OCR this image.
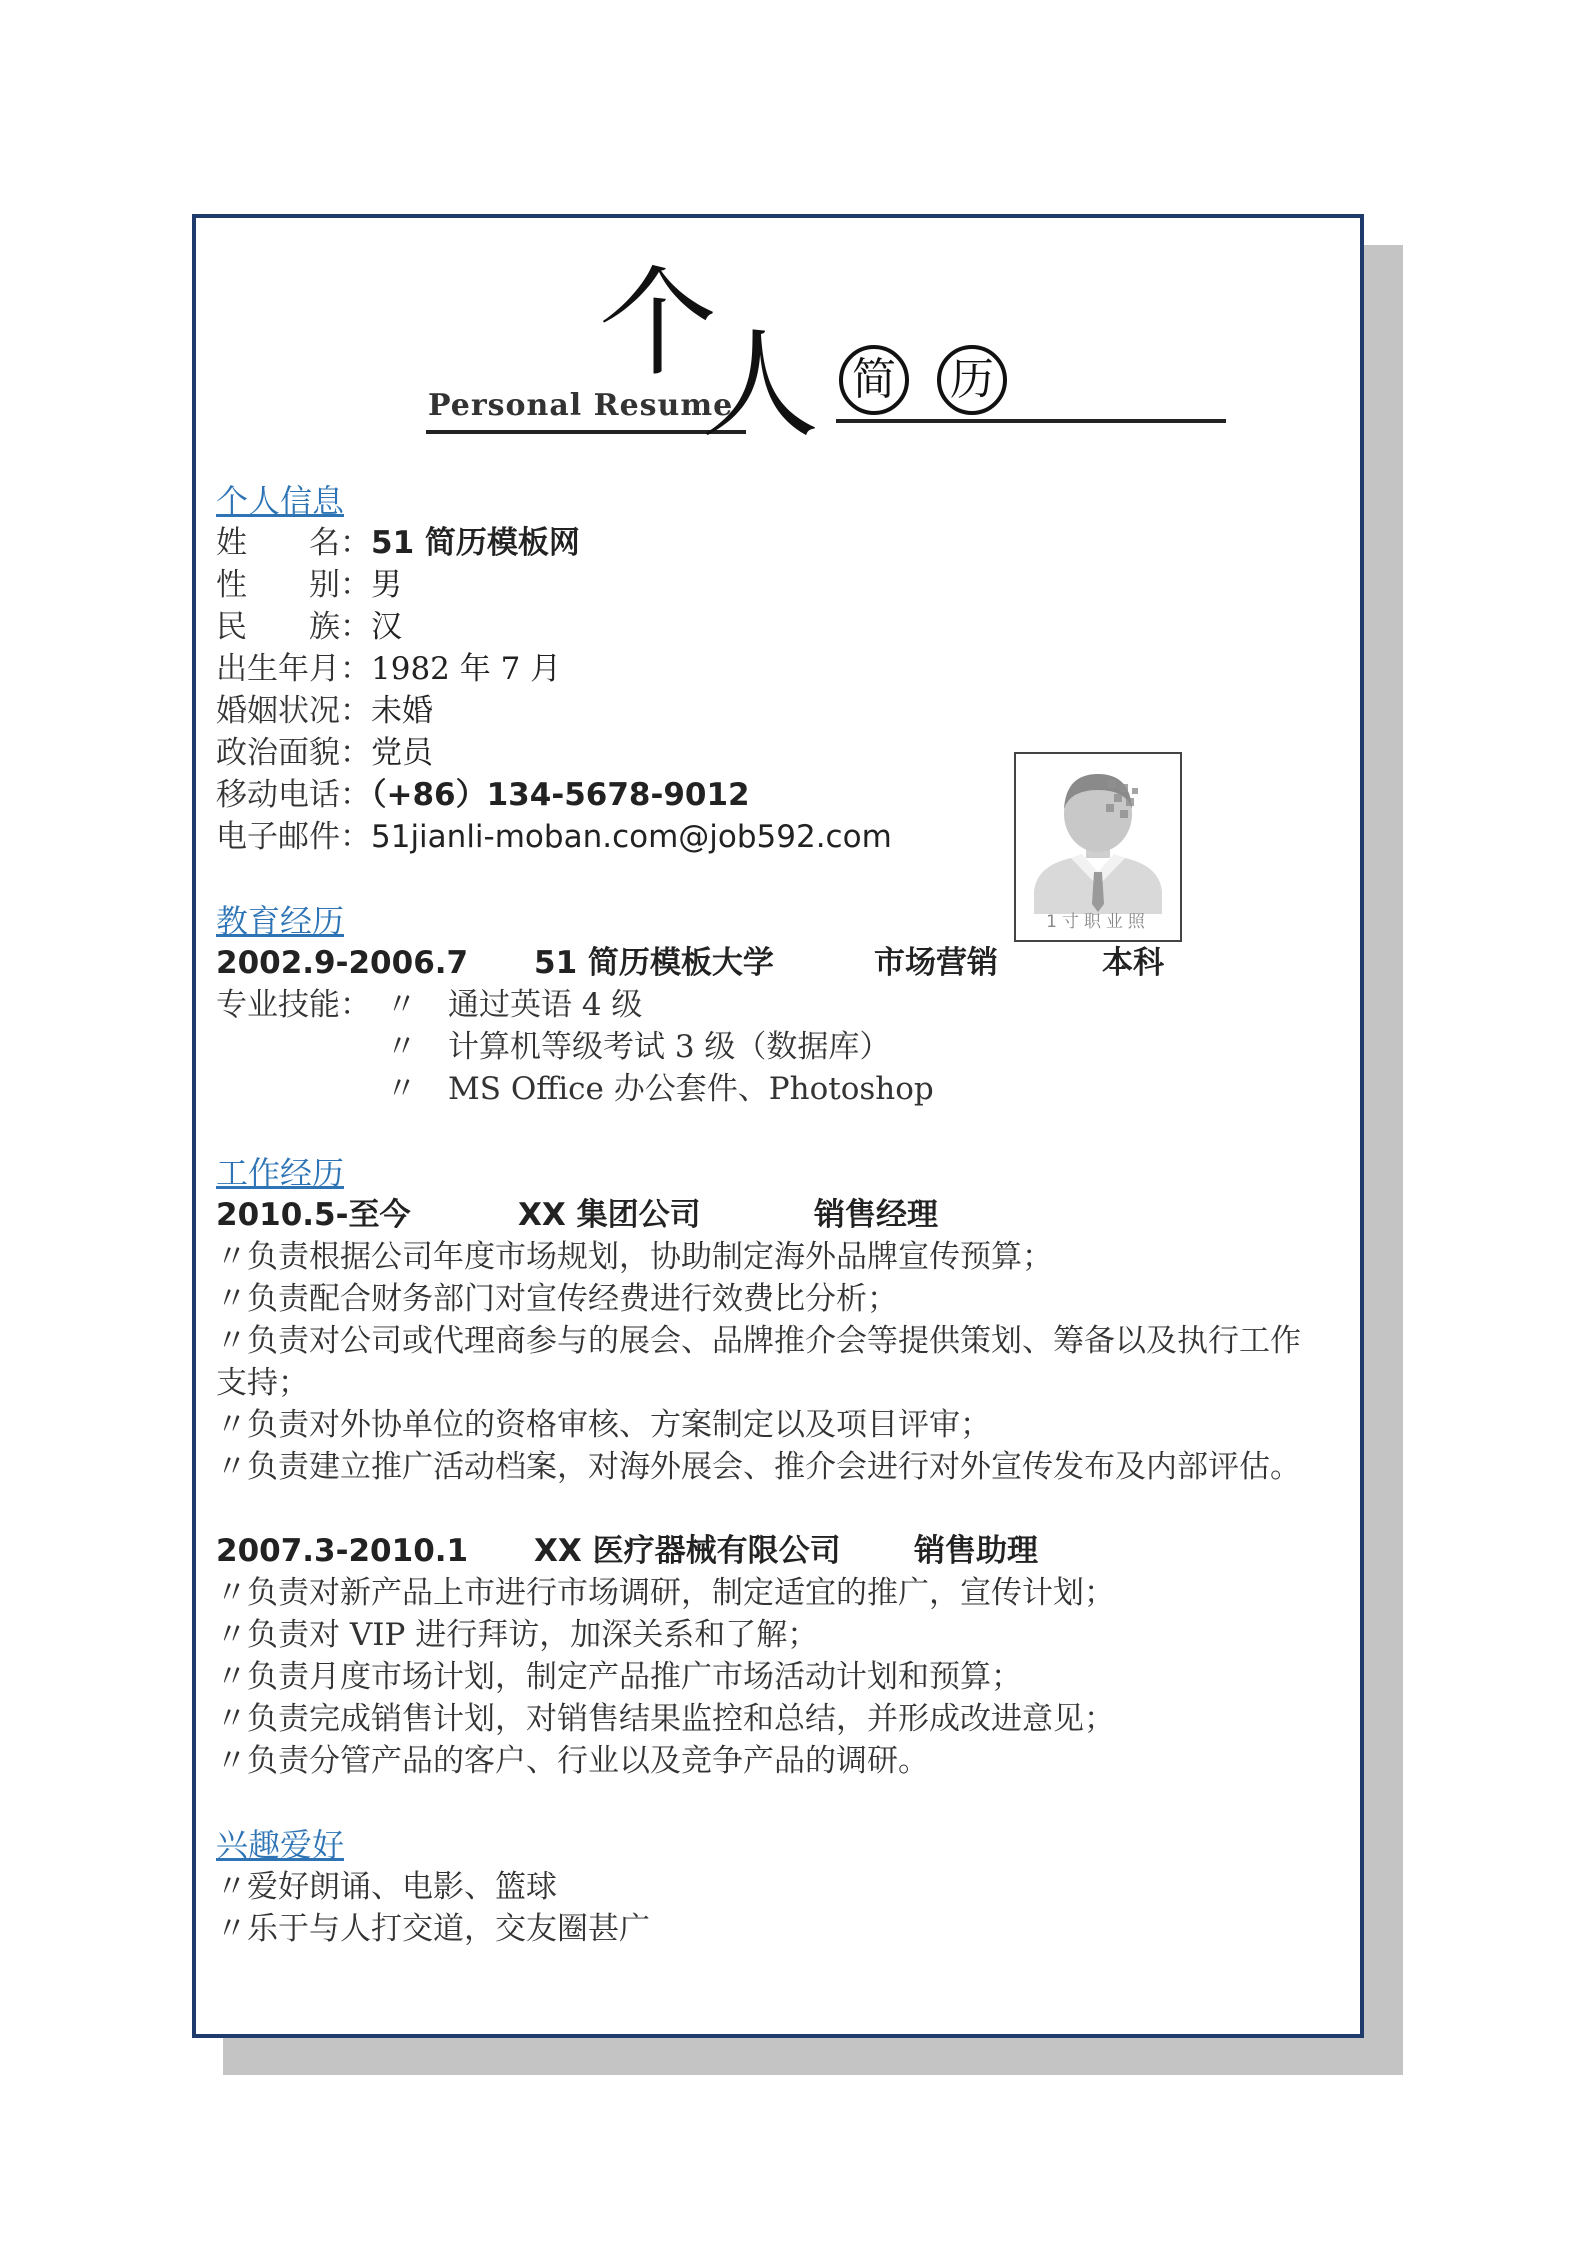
Personal Resume
个
人 简 历
1寸职业照
个人信息
姓　　名：51 简历模板网
性　　别：男
民　　族：汉
出生年月：1982 年 7 月
婚姻状况：未婚
政治面貌：党员
移动电话：（+86）134-5678-9012
电子邮件：51jianli-moban.com@job592.com
教育经历
2002.9-2006.7 51 简历模板大学	市场营销	本科
专业技能： 〃　通过英语 4 级
〃　计算机等级考试 3 级（数据库）
〃　MS Office 办公套件、Photoshop
工作经历
2010.5-至今	XX 集团公司	销售经理
〃负责根据公司年度市场规划，协助制定海外品牌宣传预算；
〃负责配合财务部门对宣传经费进行效费比分析；
〃负责对公司或代理商参与的展会、品牌推介会等提供策划、筹备以及执行工作
支持；
〃负责对外协单位的资格审核、方案制定以及项目评审；
〃负责建立推广活动档案，对海外展会、推介会进行对外宣传发布及内部评估。
2007.3-2010.1 XX 医疗器械有限公司 销售助理
〃负责对新产品上市进行市场调研，制定适宜的推广，宣传计划；
〃负责对 VIP 进行拜访，加深关系和了解；
〃负责月度市场计划，制定产品推广市场活动计划和预算；
〃负责完成销售计划，对销售结果监控和总结，并形成改进意见；
〃负责分管产品的客户、行业以及竞争产品的调研。
兴趣爱好
〃爱好朗诵、电影、篮球
〃乐于与人打交道，交友圈甚广
